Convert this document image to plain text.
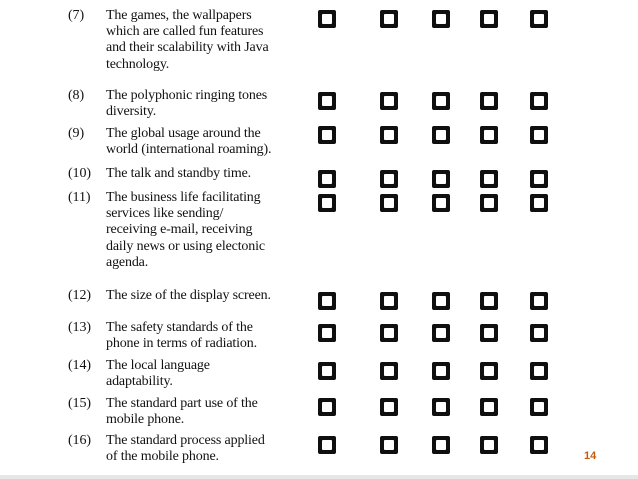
(7) The games, the wallpapers
which are called fun features
and their scalability with Java
technology.
(8) The polyphonic ringing tones
diversity.
(9) The global usage around the
world (international roaming).
(10) The talk and standby time.
(11) The business life facilitating
services like sending/
receiving e-mail, receiving
daily news or using electonic
agenda.
(12) The size of the display screen.
(13) The safety standards of the
phone in terms of radiation.
(14) The local language
adaptability.
(15) The standard part use of the
mobile phone.
(16) The standard process applied
of the mobile phone.	14
